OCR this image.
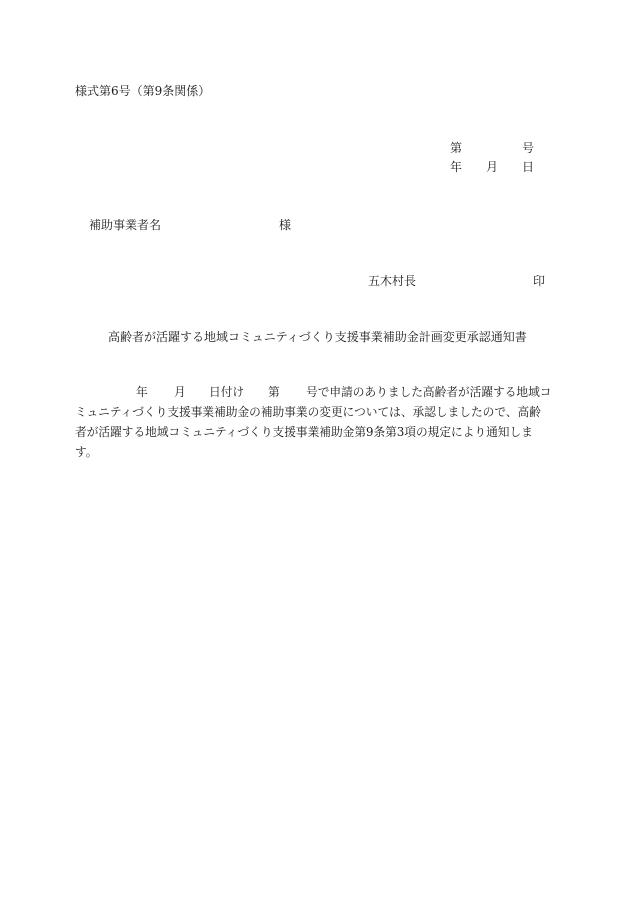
様式第6号（第9条関係）
第	号
年 月 日
補助事業者名	様
五木村長	印
高齢者が活躍する地域コミュニティづくり支援事業補助金計画変更承認通知書
年 月 日付け 第 号で申請のありました高齢者が活躍する地域コ
ミュニティづくり支援事業補助金の補助事業の変更については、承認しましたので、高齢
者が活躍する地域コミュニティづくり支援事業補助金第9条第3項の規定により通知しま
す。
